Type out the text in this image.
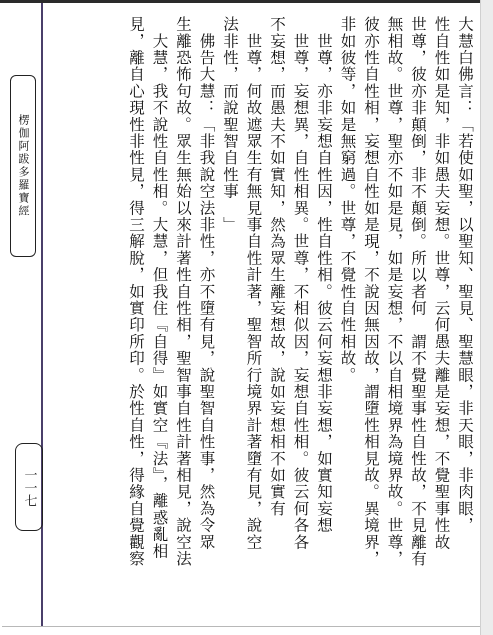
楞伽阿跋多羅寶經
一一七	大慧白佛言：「若使如聖，以聖知、聖見、聖慧眼，非天眼，非肉眼，
性自性如是知，非如愚夫妄想。世尊，云何愚夫離是妄想，不覺聖事性故
世尊，彼亦非顛倒，非不顛倒。所以者何　謂不覺聖事性自性故，不見離有
無相故。世尊，聖亦不如是見，如是妄想，不以自相境界為境界故。世尊，
彼亦性自性相，妄想自性如是現，不說因無因故，謂墮性相見故。異境界，
非如彼等，如是無窮過。世尊，不覺性自性相故。
　世尊，亦非妄想自性因，性自性相。彼云何妄想非妄想，如實知妄想
　世尊，妄想異，自性相異。世尊，不相似因，妄想自性相。彼云何各各
不妄想，而愚夫不如實知，然為眾生離妄想故，說如妄想相不如實有
　世尊，何故遮眾生有無見事自性計著，聖智所行境界計著墮有見，說空
法非性，而說聖智自性事　」
　佛告大慧：「非我說空法非性，亦不墮有見，說聖智自性事，然為令眾
生離恐怖句故。眾生無始以來計著性自性相，聖智事自性計著相見，說空法
　大慧，我不說性自性相。大慧，但我住『自得』如實空『法』，離惑亂相
見，離自心現性非性見，得三解脫，如實印所印。於性自性，得緣自覺觀察
